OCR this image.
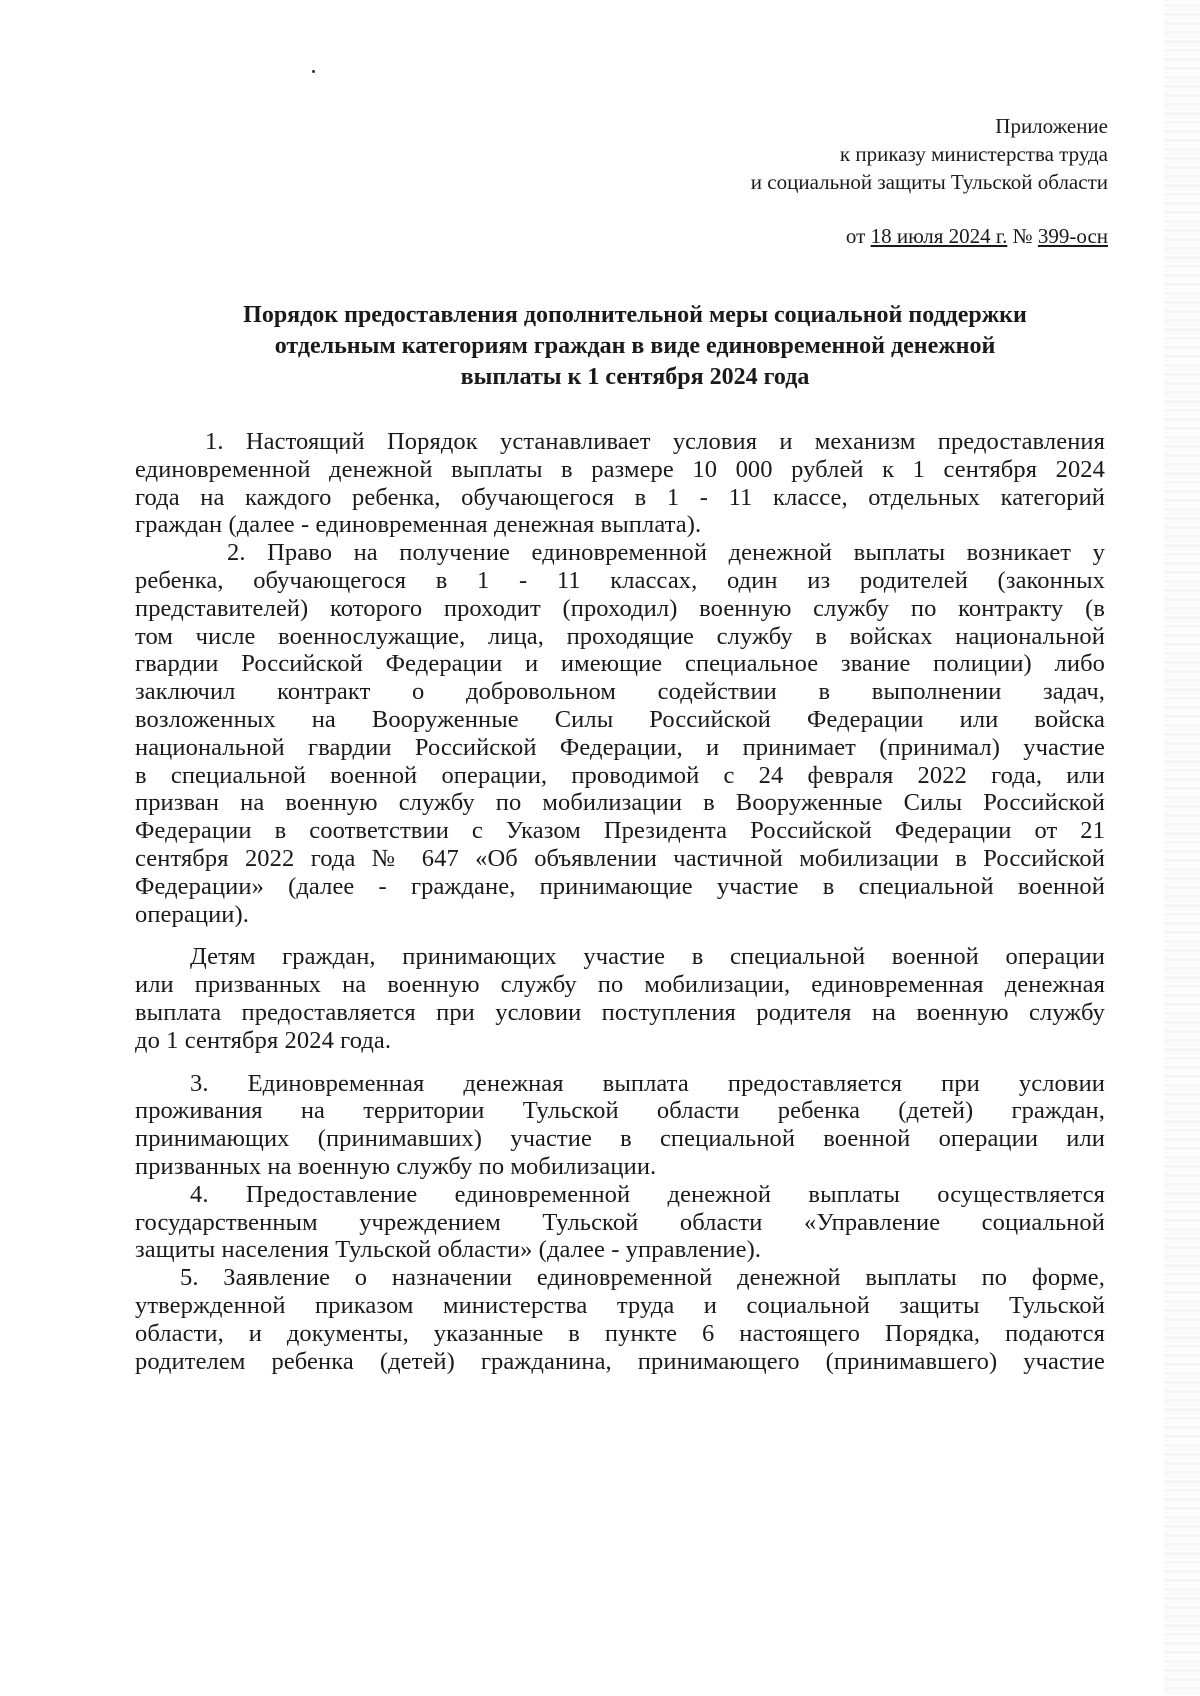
Приложение
к приказу министерства труда
и социальной защиты Тульской области
от 18 июля 2024 г. № 399-осн
Порядок предоставления дополнительной меры социальной поддержки
отдельным категориям граждан в виде единовременной денежной
выплаты к 1 сентября 2024 года

1. Настоящий Порядок устанавливает условия и механизм предоставления
единовременной денежной выплаты в размере 10 000 рублей к 1 сентября 2024
года на каждого ребенка, обучающегося в 1 - 11 классе, отдельных категорий
граждан (далее - единовременная денежная выплата).

2. Право на получение единовременной денежной выплаты возникает у
ребенка, обучающегося в 1 - 11 классах, один из родителей (законных
представителей) которого проходит (проходил) военную службу по контракту (в
том числе военнослужащие, лица, проходящие службу в войсках национальной
гвардии Российской Федерации и имеющие специальное звание полиции) либо
заключил контракт о добровольном содействии в выполнении задач,
возложенных на Вооруженные Силы Российской Федерации или войска
национальной гвардии Российской Федерации, и принимает (принимал) участие
в специальной военной операции, проводимой с 24 февраля 2022 года, или
призван на военную службу по мобилизации в Вооруженные Силы Российской
Федерации в соответствии с Указом Президента Российской Федерации от 21
сентября 2022 года № 647 «Об объявлении частичной мобилизации в Российской
Федерации» (далее - граждане, принимающие участие в специальной военной
операции).

Детям граждан, принимающих участие в специальной военной операции
или призванных на военную службу по мобилизации, единовременная денежная
выплата предоставляется при условии поступления родителя на военную службу
до 1 сентября 2024 года.

3. Единовременная денежная выплата предоставляется при условии
проживания на территории Тульской области ребенка (детей) граждан,
принимающих (принимавших) участие в специальной военной операции или
призванных на военную службу по мобилизации.

4. Предоставление единовременной денежной выплаты осуществляется
государственным учреждением Тульской области «Управление социальной
защиты населения Тульской области» (далее - управление).

5. Заявление о назначении единовременной денежной выплаты по форме,
утвержденной приказом министерства труда и социальной защиты Тульской
области, и документы, указанные в пункте 6 настоящего Порядка, подаются
родителем ребенка (детей) гражданина, принимающего (принимавшего) участие
